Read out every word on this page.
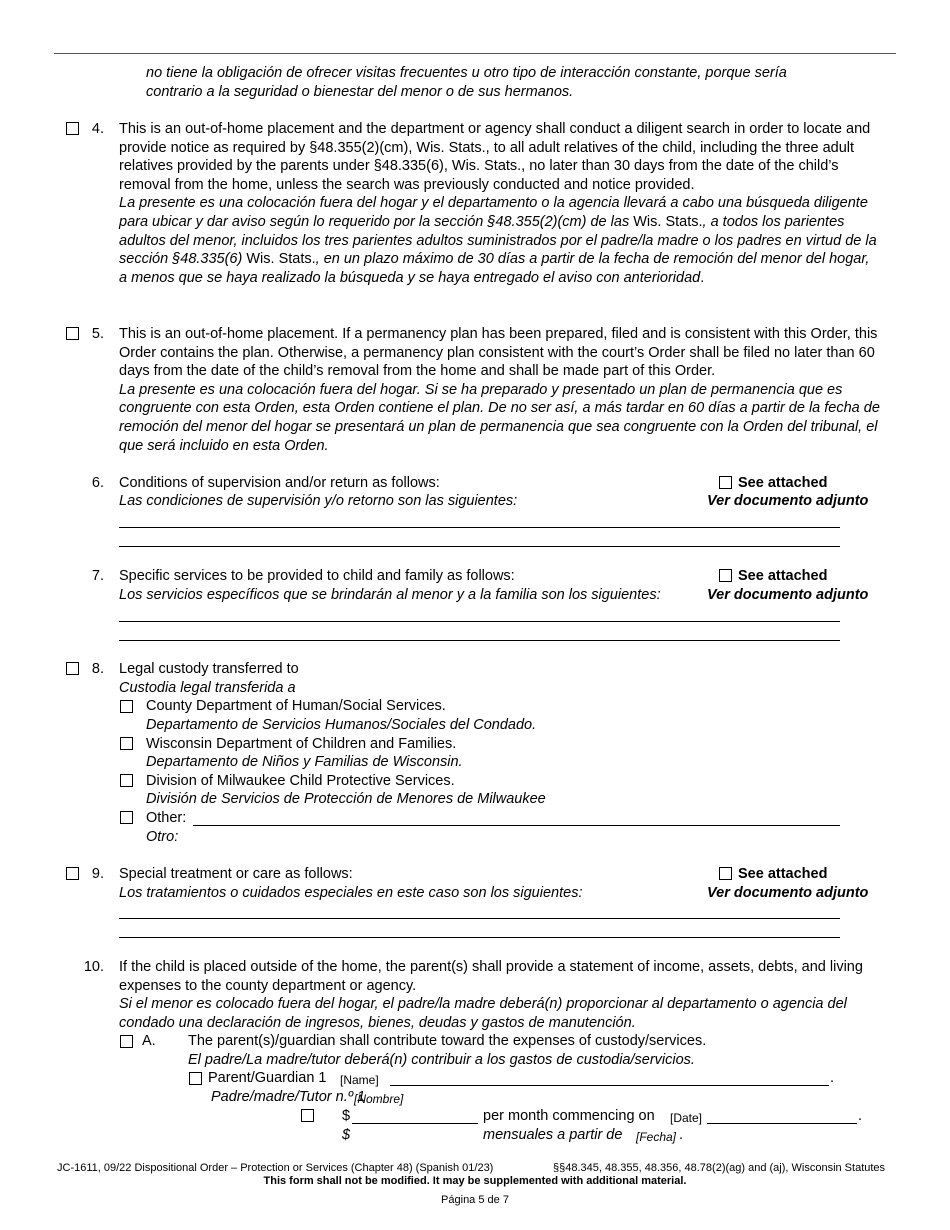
no tiene la obligación de ofrecer visitas frecuentes u otro tipo de interacción constante, porque sería contrario a la seguridad o bienestar del menor o de sus hermanos.
4. This is an out-of-home placement and the department or agency shall conduct a diligent search in order to locate and provide notice as required by §48.355(2)(cm), Wis. Stats., to all adult relatives of the child, including the three adult relatives provided by the parents under §48.335(6), Wis. Stats., no later than 30 days from the date of the child’s removal from the home, unless the search was previously conducted and notice provided.
La presente es una colocación fuera del hogar y el departamento o la agencia llevará a cabo una búsqueda diligente para ubicar y dar aviso según lo requerido por la sección §48.355(2)(cm) de las Wis. Stats., a todos los parientes adultos del menor, incluidos los tres parientes adultos suministrados por el padre/la madre o los padres en virtud de la sección §48.335(6) Wis. Stats., en un plazo máximo de 30 días a partir de la fecha de remoción del menor del hogar, a menos que se haya realizado la búsqueda y se haya entregado el aviso con anterioridad.
5. This is an out-of-home placement. If a permanency plan has been prepared, filed and is consistent with this Order, this Order contains the plan. Otherwise, a permanency plan consistent with the court’s Order shall be filed no later than 60 days from the date of the child’s removal from the home and shall be made part of this Order.
La presente es una colocación fuera del hogar. Si se ha preparado y presentado un plan de permanencia que es congruente con esta Orden, esta Orden contiene el plan. De no ser así, a más tardar en 60 días a partir de la fecha de remoción del menor del hogar se presentará un plan de permanencia que sea congruente con la Orden del tribunal, el que será incluido en esta Orden.
6. Conditions of supervision and/or return as follows:
Las condiciones de supervisión y/o retorno son las siguientes:
See attached
Ver documento adjunto
7. Specific services to be provided to child and family as follows:
Los servicios específicos que se brindarán al menor y a la familia son los siguientes:
See attached
Ver documento adjunto
8. Legal custody transferred to
Custodia legal transferida a
County Department of Human/Social Services.
Departamento de Servicios Humanos/Sociales del Condado.
Wisconsin Department of Children and Families.
Departamento de Niños y Familias de Wisconsin.
Division of Milwaukee Child Protective Services.
División de Servicios de Protección de Menores de Milwaukee
Other:
Otro:
9. Special treatment or care as follows:
Los tratamientos o cuidados especiales en este caso son los siguientes:
See attached
Ver documento adjunto
10. If the child is placed outside of the home, the parent(s) shall provide a statement of income, assets, debts, and living expenses to the county department or agency.
Si el menor es colocado fuera del hogar, el padre/la madre deberá(n) proporcionar al departamento o agencia del condado una declaración de ingresos, bienes, deudas y gastos de manutención.
A. The parent(s)/guardian shall contribute toward the expenses of custody/services.
El padre/La madre/tutor deberá(n) contribuir a los gastos de custodia/servicios.
Parent/Guardian 1 [Name]	.
Padre/madre/Tutor n.º 1
[Nombre]
$	per month commencing on [Date]	.
$	mensuales a partir de [Fecha] .
JC-1611, 09/22 Dispositional Order – Protection or Services (Chapter 48) (Spanish 01/23)	§§48.345, 48.355, 48.356, 48.78(2)(ag) and (aj), Wisconsin Statutes
This form shall not be modified. It may be supplemented with additional material.
Página 5 de 7
